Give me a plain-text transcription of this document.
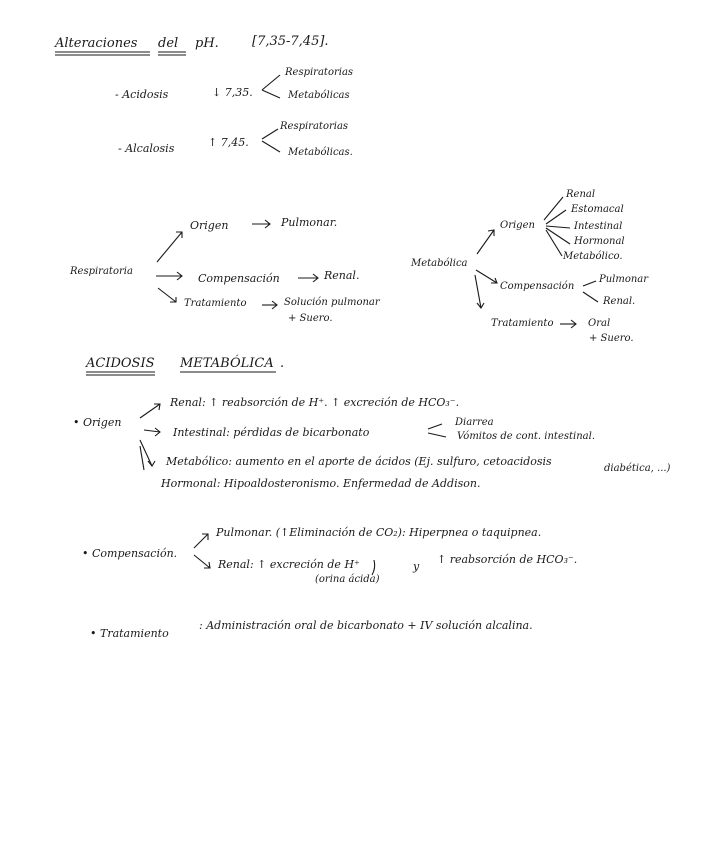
Alteraciones del pH.	[7,35-7,45].
- Acidosis	↓ 7,35.
Respiratorias
Metabólicas
- Alcalosis	↑ 7,45.
Respiratorias
Metabólicas.
Respiratoria
Origen	Pulmonar.
Compensación	Renal.
Tratamiento	Solución pulmonar
+ Suero.
Metabólica
Origen
Renal
Estomacal
Intestinal
Hormonal
Metabólico.
Compensación
Pulmonar
Renal.
Tratamiento	Oral
+ Suero.
ACIDOSIS METABÓLICA .
• Origen
Renal: ↑ reabsorción de H⁺. ↑ excreción de HCO₃⁻.
Intestinal: pérdidas de bicarbonato
Diarrea
Vómitos de cont. intestinal.
Metabólico: aumento en el aporte de ácidos (Ej. sulfuro, cetoacidosis
diabética, ...)
Hormonal: Hipoaldosteronismo. Enfermedad de Addison.
• Compensación.
Pulmonar. (↑Eliminación de CO₂): Hiperpnea o taquipnea.
Renal: ↑ excreción de H⁺
(orina ácida)
y
↑ reabsorción de HCO₃⁻.
• Tratamiento
: Administración oral de bicarbonato + IV solución alcalina.
